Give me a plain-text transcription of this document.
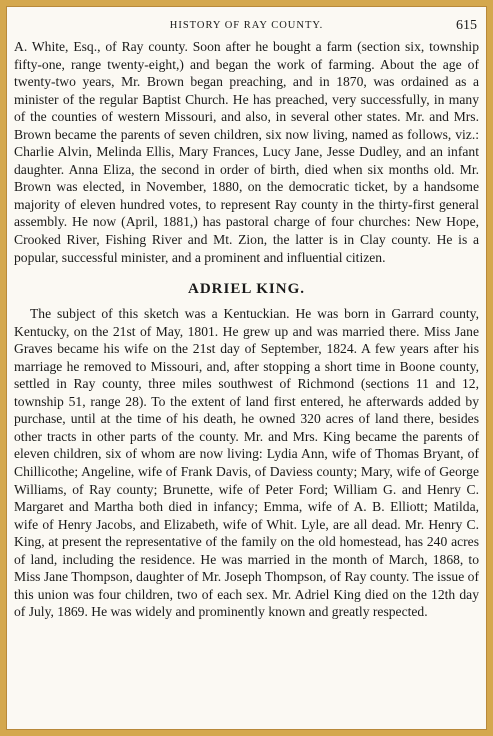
HISTORY OF RAY COUNTY.	615

A. White, Esq., of Ray county. Soon after he bought a farm (section six, township fifty-one, range twenty-eight,) and began the work of farming. About the age of twenty-two years, Mr. Brown began preaching, and in 1870, was ordained as a minister of the regular Baptist Church. He has preached, very successfully, in many of the counties of western Missouri, and also, in several other states. Mr. and Mrs. Brown became the parents of seven children, six now living, named as follows, viz.: Charlie Alvin, Melinda Ellis, Mary Frances, Lucy Jane, Jesse Dudley, and an infant daughter. Anna Eliza, the second in order of birth, died when six months old. Mr. Brown was elected, in November, 1880, on the democratic ticket, by a handsome majority of eleven hundred votes, to represent Ray county in the thirty-first general assembly. He now (April, 1881,) has pastoral charge of four churches: New Hope, Crooked River, Fishing River and Mt. Zion, the latter is in Clay county. He is a popular, successful minister, and a prominent and influential citizen.

ADRIEL KING.

The subject of this sketch was a Kentuckian. He was born in Garrard county, Kentucky, on the 21st of May, 1801. He grew up and was married there. Miss Jane Graves became his wife on the 21st day of September, 1824. A few years after his marriage he removed to Missouri, and, after stopping a short time in Boone county, settled in Ray county, three miles southwest of Richmond (sections 11 and 12, township 51, range 28). To the extent of land first entered, he afterwards added by purchase, until at the time of his death, he owned 320 acres of land there, besides other tracts in other parts of the county. Mr. and Mrs. King became the parents of eleven children, six of whom are now living: Lydia Ann, wife of Thomas Bryant, of Chillicothe; Angeline, wife of Frank Davis, of Daviess county; Mary, wife of George Williams, of Ray county; Brunette, wife of Peter Ford; William G. and Henry C. Margaret and Martha both died in infancy; Emma, wife of A. B. Elliott; Matilda, wife of Henry Jacobs, and Elizabeth, wife of Whit. Lyle, are all dead. Mr. Henry C. King, at present the representative of the family on the old homestead, has 240 acres of land, including the residence. He was married in the month of March, 1868, to Miss Jane Thompson, daughter of Mr. Joseph Thompson, of Ray county. The issue of this union was four children, two of each sex. Mr. Adriel King died on the 12th day of July, 1869. He was widely and prominently known and greatly respected.
